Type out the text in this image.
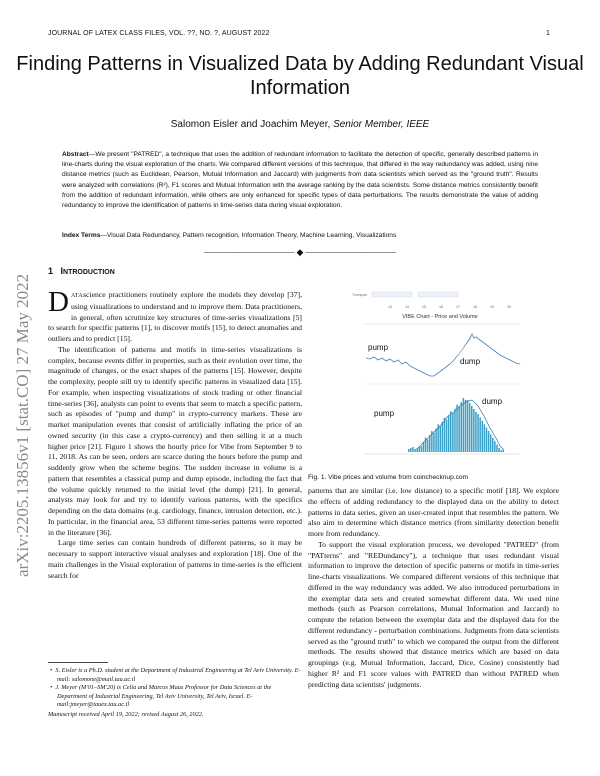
JOURNAL OF LATEX CLASS FILES, VOL. ??, NO. ?, AUGUST 2022	1
Finding Patterns in Visualized Data by Adding Redundant Visual Information
Salomon Eisler and Joachim Meyer, Senior Member, IEEE
Abstract—We present "PATRED", a technique that uses the addition of redundant information to facilitate the detection of specific, generally described patterns in line-charts during the visual exploration of the charts. We compared different versions of this technique, that differed in the way redundancy was added, using nine distance metrics (such as Euclidean, Pearson, Mutual Information and Jaccard) with judgments from data scientists which served as the "ground truth". Results were analyzed with correlations (R²), F1 scores and Mutual Information with the average ranking by the data scientists. Some distance metrics consistently benefit from the addition of redundant information, while others are only enhanced for specific types of data perturbations. The results demonstrate the value of adding redundancy to improve the identification of patterns in time-series data during visual exploration.
Index Terms—Visual Data Redundancy, Pattern recognition, Information Theory, Machine Learning, Visualizations
—————————— ◆ ——————————
1 INTRODUCTION
arXiv:2205.13856v1 [stat.CO] 27 May 2022 DATAscience practitioners routinely explore the models they develop [37], using visualizations to understand and to improve them. Data practitioners, in general, often scrutinize key structures of time-series visualizations [5] to search for specific patterns [1], to discover motifs [15], to detect anomalies and outliers and to predict [15].

The identification of patterns and motifs in time-series visualizations is complex, because events differ in properties, such as their evolution over time, the magnitude of changes, or the exact shapes of the patterns [15]. However, despite the complexity, people still try to identify specific patterns in visualized data [15]. For example, when inspecting visualizations of stock trading or other financial time-series [36], analysts can point to events that seem to match a specific pattern, such as episodes of "pump and dump" in crypto-currency markets. These are market manipulation events that consist of artificially inflating the price of an owned security (in this case a crypto-currency) and then selling it at a much higher price [21]. Figure 1 shows the hourly price for Vibe from September 9 to 11, 2018. As can be seen, orders are scarce during the hours before the pump and suddenly grow when the scheme begins. The sudden increase in volume is a pattern that resembles a classical pump and dump episode, including the fact that the volume quickly returned to the initial level (the dump) [21]. In general, analysts may look for and try to identify various patterns, with the specifics depending on the data domains (e.g. cardiology, finance, intrusion detection, etc.). In particular, in the financial area, 53 different time-series patterns were reported in the literature [36].

Large time series can contain hundreds of different patterns, so it may be necessary to support interactive visual analyses and exploration [18]. One of the main challenges in the Visual exploration of patterns in time-series is the efficient search for

•  S. Eisler is a Ph.D. student at the Department of Industrial Engineering at Tel Aviv University. E-mail: salomone@mail.tau.ac.il

•  J. Meyer (M'01–SM'20) is Celia and Marcos Maus Professor for Data Sciences at the Department of Industrial Engineering, Tel Aviv University, Tel Aviv, Israel. E-mail:jmeyer@tauex.tau.ac.il

Manuscript received April 19, 2022; revised August 26, 2022.
Timespan
13	14	15	16	17	18	19	20
VIBE Chart - Price and Volume
pump
dump
pump
dump
Fig. 1. Vibe prices and volume from coinchecknup.com

patterns that are similar (i.e. low distance) to a specific motif [18]. We explore the effects of adding redundancy to the displayed data on the ability to detect patterns in data series, given an user-created input that resembles the pattern. We also aim to determine which distance metrics (from similarity detection benefit more from redundancy.

To support the visual exploration process, we developed "PATRED" (from "PATterns" and "REDundancy"), a technique that uses redundant visual information to improve the detection of specific patterns or motifs in time-series line-charts visualizations. We compared different versions of this technique that differed in the way redundancy was added. We also introduced perturbations in the exemplar data sets and created somewhat different data. We used nine methods (such as Pearson correlations, Mutual Information and Jaccard) to compute the relation between the exemplar data and the displayed data for the different redundancy - perturbation combinations. Judgments from data scientists served as the "ground truth" to which we compared the output from the different methods. The results showed that distance metrics which are based on data groupings (e.g. Mutual Information, Jaccard, Dice, Cosine) consistently had higher R² and F1 score values with PATRED than without PATRED when predicting data scientists' judgments.
